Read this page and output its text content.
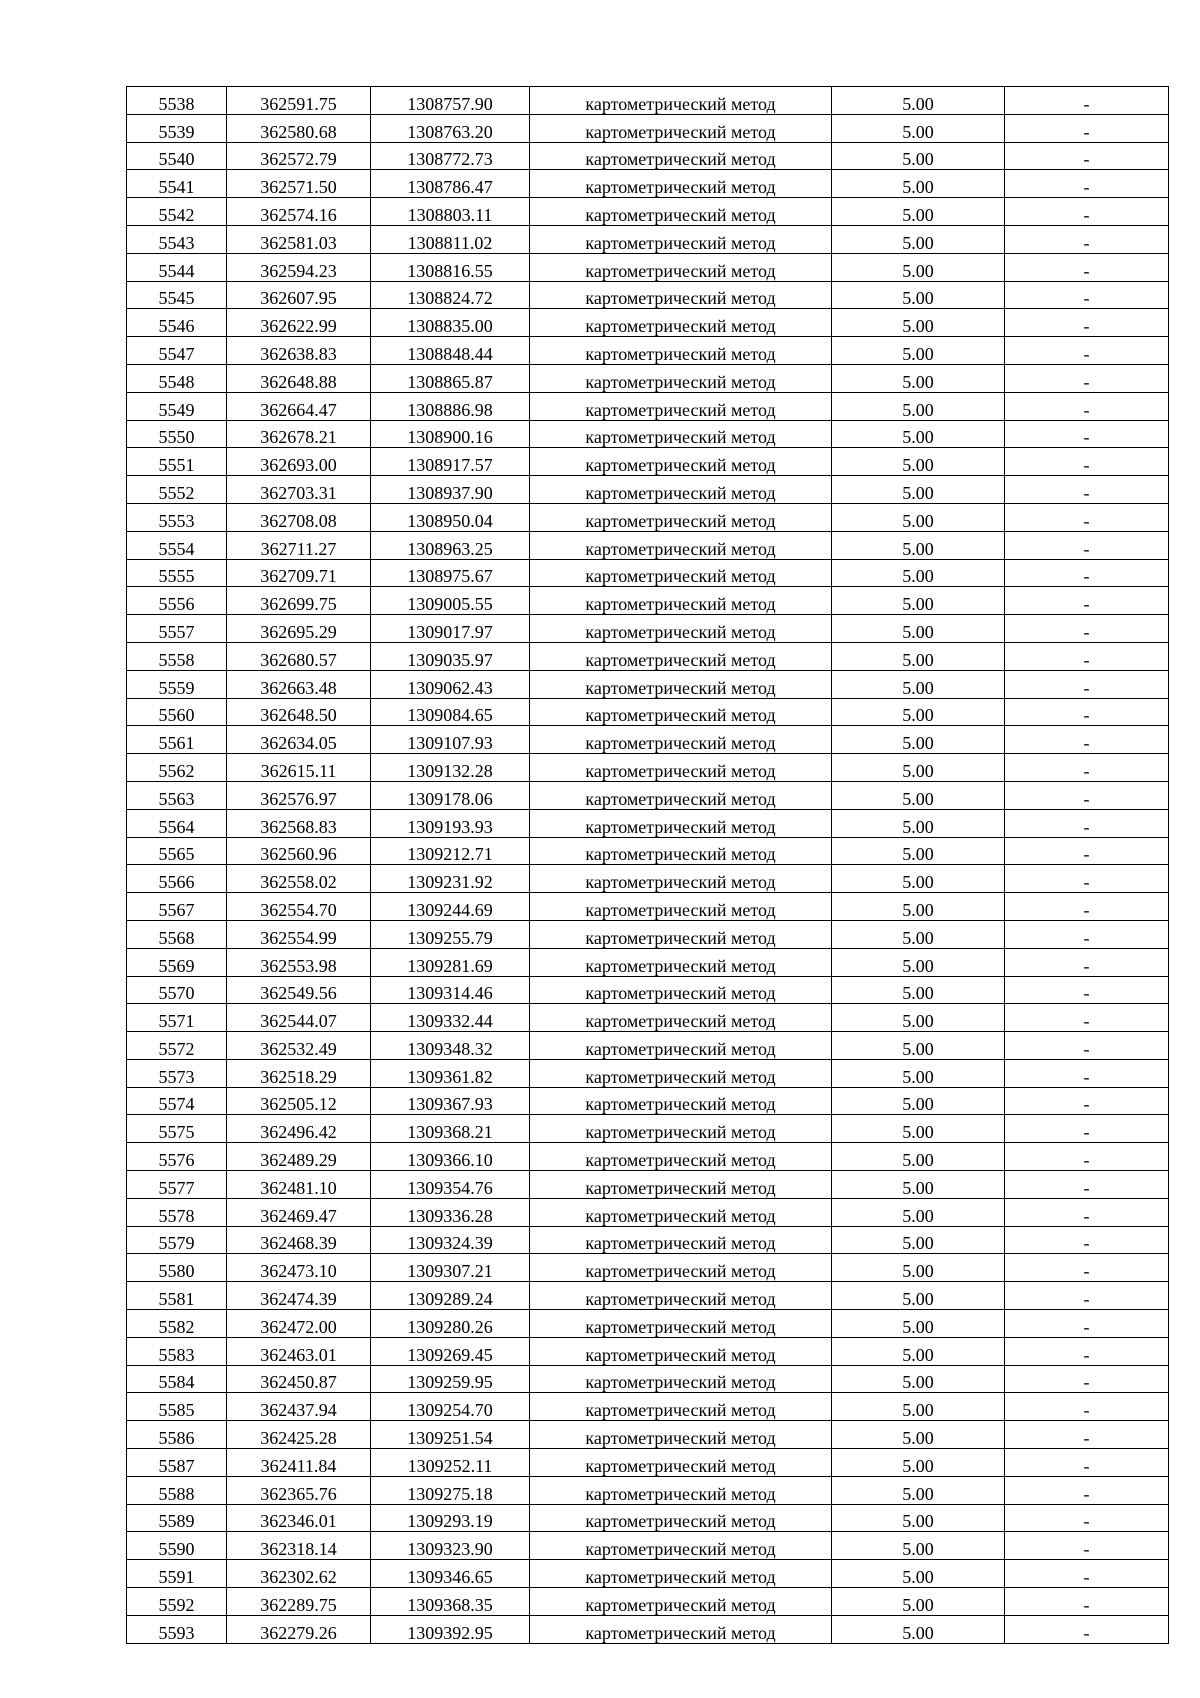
5538	362591.75	1308757.90	картометрический метод	5.00	-
5539	362580.68	1308763.20	картометрический метод	5.00	-
5540	362572.79	1308772.73	картометрический метод	5.00	-
5541	362571.50	1308786.47	картометрический метод	5.00	-
5542	362574.16	1308803.11	картометрический метод	5.00	-
5543	362581.03	1308811.02	картометрический метод	5.00	-
5544	362594.23	1308816.55	картометрический метод	5.00	-
5545	362607.95	1308824.72	картометрический метод	5.00	-
5546	362622.99	1308835.00	картометрический метод	5.00	-
5547	362638.83	1308848.44	картометрический метод	5.00	-
5548	362648.88	1308865.87	картометрический метод	5.00	-
5549	362664.47	1308886.98	картометрический метод	5.00	-
5550	362678.21	1308900.16	картометрический метод	5.00	-
5551	362693.00	1308917.57	картометрический метод	5.00	-
5552	362703.31	1308937.90	картометрический метод	5.00	-
5553	362708.08	1308950.04	картометрический метод	5.00	-
5554	362711.27	1308963.25	картометрический метод	5.00	-
5555	362709.71	1308975.67	картометрический метод	5.00	-
5556	362699.75	1309005.55	картометрический метод	5.00	-
5557	362695.29	1309017.97	картометрический метод	5.00	-
5558	362680.57	1309035.97	картометрический метод	5.00	-
5559	362663.48	1309062.43	картометрический метод	5.00	-
5560	362648.50	1309084.65	картометрический метод	5.00	-
5561	362634.05	1309107.93	картометрический метод	5.00	-
5562	362615.11	1309132.28	картометрический метод	5.00	-
5563	362576.97	1309178.06	картометрический метод	5.00	-
5564	362568.83	1309193.93	картометрический метод	5.00	-
5565	362560.96	1309212.71	картометрический метод	5.00	-
5566	362558.02	1309231.92	картометрический метод	5.00	-
5567	362554.70	1309244.69	картометрический метод	5.00	-
5568	362554.99	1309255.79	картометрический метод	5.00	-
5569	362553.98	1309281.69	картометрический метод	5.00	-
5570	362549.56	1309314.46	картометрический метод	5.00	-
5571	362544.07	1309332.44	картометрический метод	5.00	-
5572	362532.49	1309348.32	картометрический метод	5.00	-
5573	362518.29	1309361.82	картометрический метод	5.00	-
5574	362505.12	1309367.93	картометрический метод	5.00	-
5575	362496.42	1309368.21	картометрический метод	5.00	-
5576	362489.29	1309366.10	картометрический метод	5.00	-
5577	362481.10	1309354.76	картометрический метод	5.00	-
5578	362469.47	1309336.28	картометрический метод	5.00	-
5579	362468.39	1309324.39	картометрический метод	5.00	-
5580	362473.10	1309307.21	картометрический метод	5.00	-
5581	362474.39	1309289.24	картометрический метод	5.00	-
5582	362472.00	1309280.26	картометрический метод	5.00	-
5583	362463.01	1309269.45	картометрический метод	5.00	-
5584	362450.87	1309259.95	картометрический метод	5.00	-
5585	362437.94	1309254.70	картометрический метод	5.00	-
5586	362425.28	1309251.54	картометрический метод	5.00	-
5587	362411.84	1309252.11	картометрический метод	5.00	-
5588	362365.76	1309275.18	картометрический метод	5.00	-
5589	362346.01	1309293.19	картометрический метод	5.00	-
5590	362318.14	1309323.90	картометрический метод	5.00	-
5591	362302.62	1309346.65	картометрический метод	5.00	-
5592	362289.75	1309368.35	картометрический метод	5.00	-
5593	362279.26	1309392.95	картометрический метод	5.00	-
